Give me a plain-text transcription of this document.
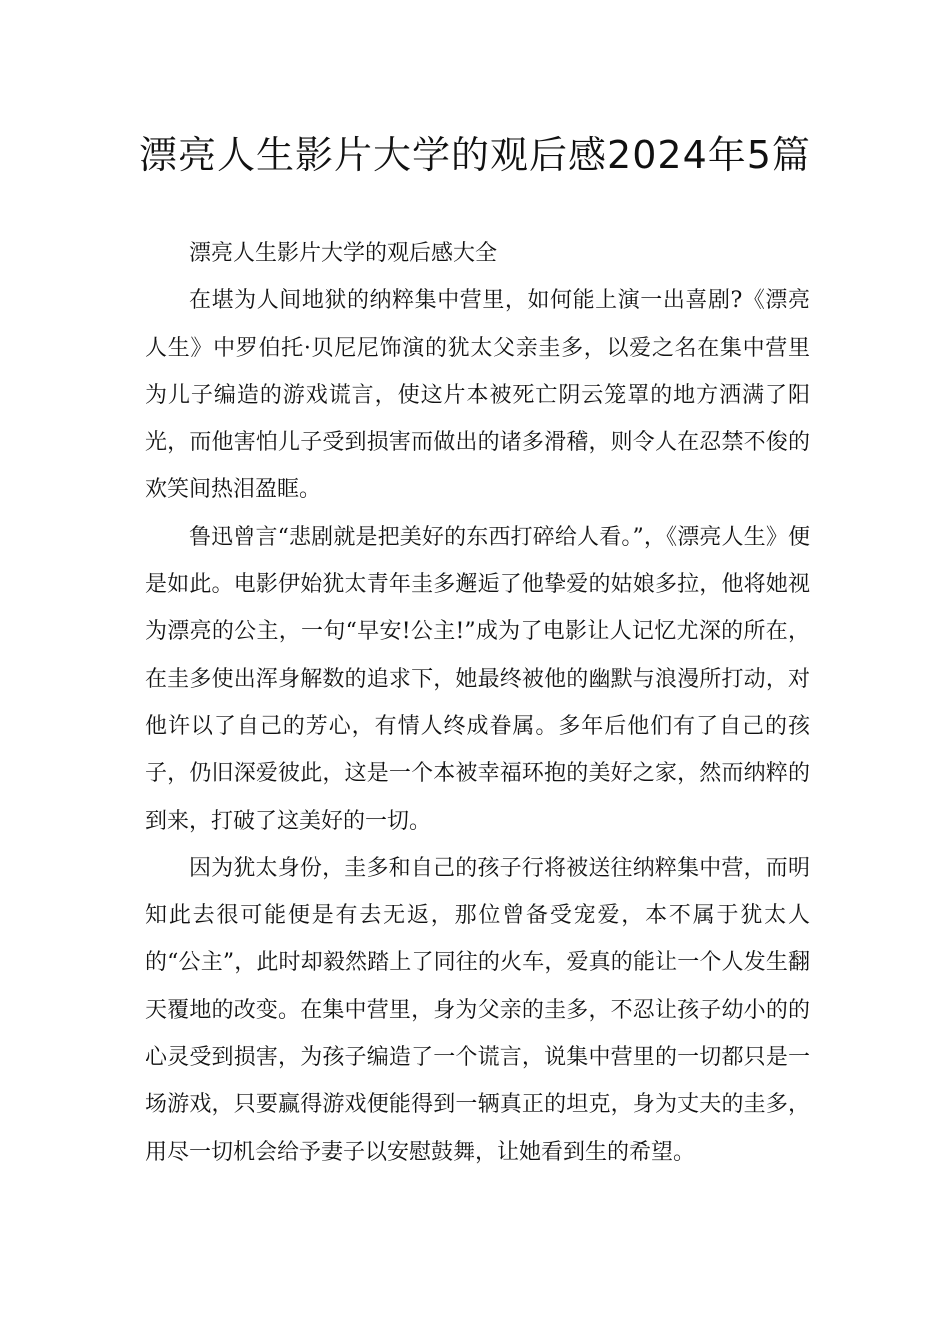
漂亮人生影片大学的观后感2024年5篇

漂亮人生影片大学的观后感大全

在堪为人间地狱的纳粹集中营里，如何能上演一出喜剧?《漂亮人生》中罗伯托·贝尼尼饰演的犹太父亲圭多，以爱之名在集中营里为儿子编造的游戏谎言，使这片本被死亡阴云笼罩的地方洒满了阳光，而他害怕儿子受到损害而做出的诸多滑稽，则令人在忍禁不俊的欢笑间热泪盈眶。

鲁迅曾言“悲剧就是把美好的东西打碎给人看。”，《漂亮人生》便是如此。电影伊始犹太青年圭多邂逅了他挚爱的姑娘多拉，他将她视为漂亮的公主，一句“早安!公主!”成为了电影让人记忆尤深的所在，在圭多使出浑身解数的追求下，她最终被他的幽默与浪漫所打动，对他许以了自己的芳心，有情人终成眷属。多年后他们有了自己的孩子，仍旧深爱彼此，这是一个本被幸福环抱的美好之家，然而纳粹的到来，打破了这美好的一切。

因为犹太身份，圭多和自己的孩子行将被送往纳粹集中营，而明知此去很可能便是有去无返，那位曾备受宠爱，本不属于犹太人的“公主”，此时却毅然踏上了同往的火车，爱真的能让一个人发生翻天覆地的改变。在集中营里，身为父亲的圭多，不忍让孩子幼小的的心灵受到损害，为孩子编造了一个谎言，说集中营里的一切都只是一场游戏，只要赢得游戏便能得到一辆真正的坦克，身为丈夫的圭多，用尽一切机会给予妻子以安慰鼓舞，让她看到生的希望。
